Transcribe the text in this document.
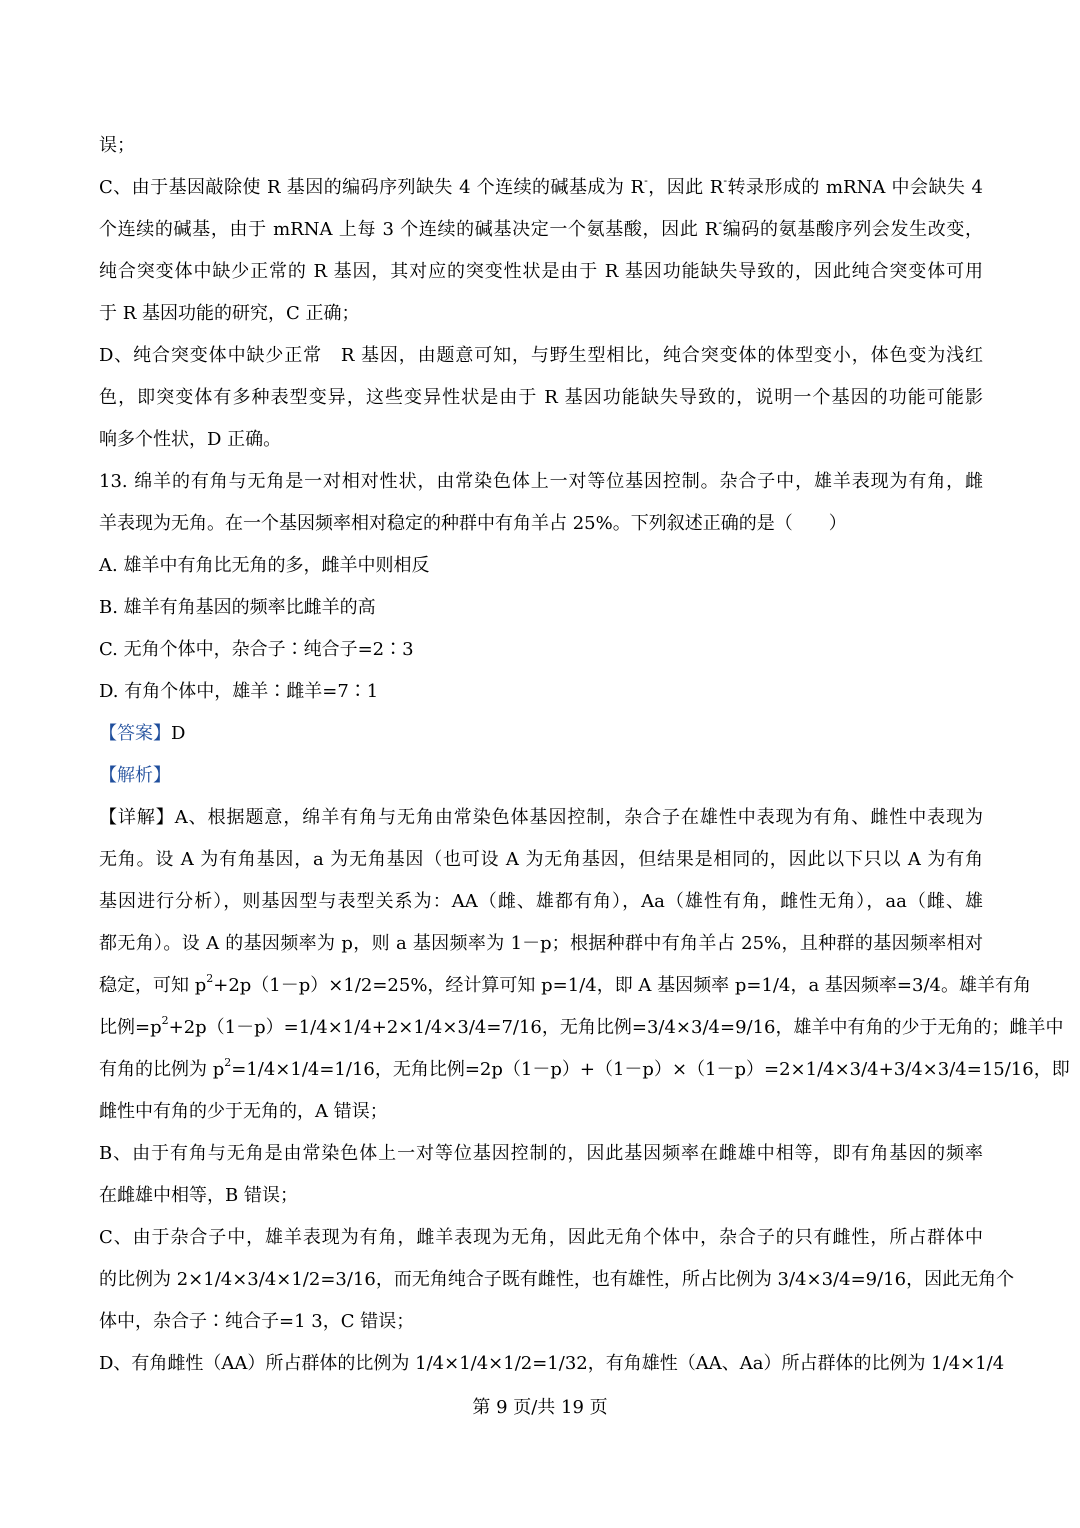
误；
C、由于基因敲除使 R 基因的编码序列缺失 4 个连续的碱基成为 R-，因此 R-转录形成的 mRNA 中会缺失 4
个连续的碱基，由于 mRNA 上每 3 个连续的碱基决定一个氨基酸，因此 R-编码的氨基酸序列会发生改变，
纯合突变体中缺少正常的 R 基因，其对应的突变性状是由于 R 基因功能缺失导致的，因此纯合突变体可用
于 R 基因功能的研究，C 正确；
D、纯合突变体中缺少正常　R 基因，由题意可知，与野生型相比，纯合突变体的体型变小，体色变为浅红
色，即突变体有多种表型变异，这些变异性状是由于 R 基因功能缺失导致的，说明一个基因的功能可能影
响多个性状，D 正确。
13. 绵羊的有角与无角是一对相对性状，由常染色体上一对等位基因控制。杂合子中，雄羊表现为有角，雌
羊表现为无角。在一个基因频率相对稳定的种群中有角羊占 25%。下列叙述正确的是（　　）
A. 雄羊中有角比无角的多，雌羊中则相反
B. 雄羊有角基因的频率比雌羊的高
C. 无角个体中，杂合子∶纯合子=2∶3
D. 有角个体中，雄羊∶雌羊=7∶1
【答案】D
【解析】
【详解】A、根据题意，绵羊有角与无角由常染色体基因控制，杂合子在雄性中表现为有角、雌性中表现为
无角。设 A 为有角基因，a 为无角基因（也可设 A 为无角基因，但结果是相同的，因此以下只以 A 为有角
基因进行分析），则基因型与表型关系为：AA（雌、雄都有角），Aa（雄性有角，雌性无角），aa（雌、雄
都无角）。设 A 的基因频率为 p，则 a 基因频率为 1－p；根据种群中有角羊占 25%，且种群的基因频率相对
稳定，可知 $p^2+2p(1-p)\times 1/2=25\%$，经计算可知 p=1/4，即 A 基因频率 p=1/4，a 基因频率=3/4。雄羊有角
比例$=p^2+2p(1-p)=1/4\times 1/4+2\times 1/4\times 3/4=7/16$，无角比例=3/4×3/4=9/16，雄羊中有角的少于无角的；雌羊中
有角的比例为 $p^2=1/4\times 1/4=1/16$，无角比例=2p（1－p）+（1－p）×（1－p）=2×1/4×3/4+3/4×3/4=15/16，即
雌性中有角的少于无角的，A 错误；
B、由于有角与无角是由常染色体上一对等位基因控制的，因此基因频率在雌雄中相等，即有角基因的频率
在雌雄中相等，B 错误；
C、由于杂合子中，雄羊表现为有角，雌羊表现为无角，因此无角个体中，杂合子的只有雌性，所占群体中
的比例为 2×1/4×3/4×1/2=3/16，而无角纯合子既有雌性，也有雄性，所占比例为 3/4×3/4=9/16，因此无角个
体中，杂合子∶纯合子=1 3，C 错误；
D、有角雌性（AA）所占群体的比例为 1/4×1/4×1/2=1/32，有角雄性（AA、Aa）所占群体的比例为 1/4×1/4
第 9 页/共 19 页
